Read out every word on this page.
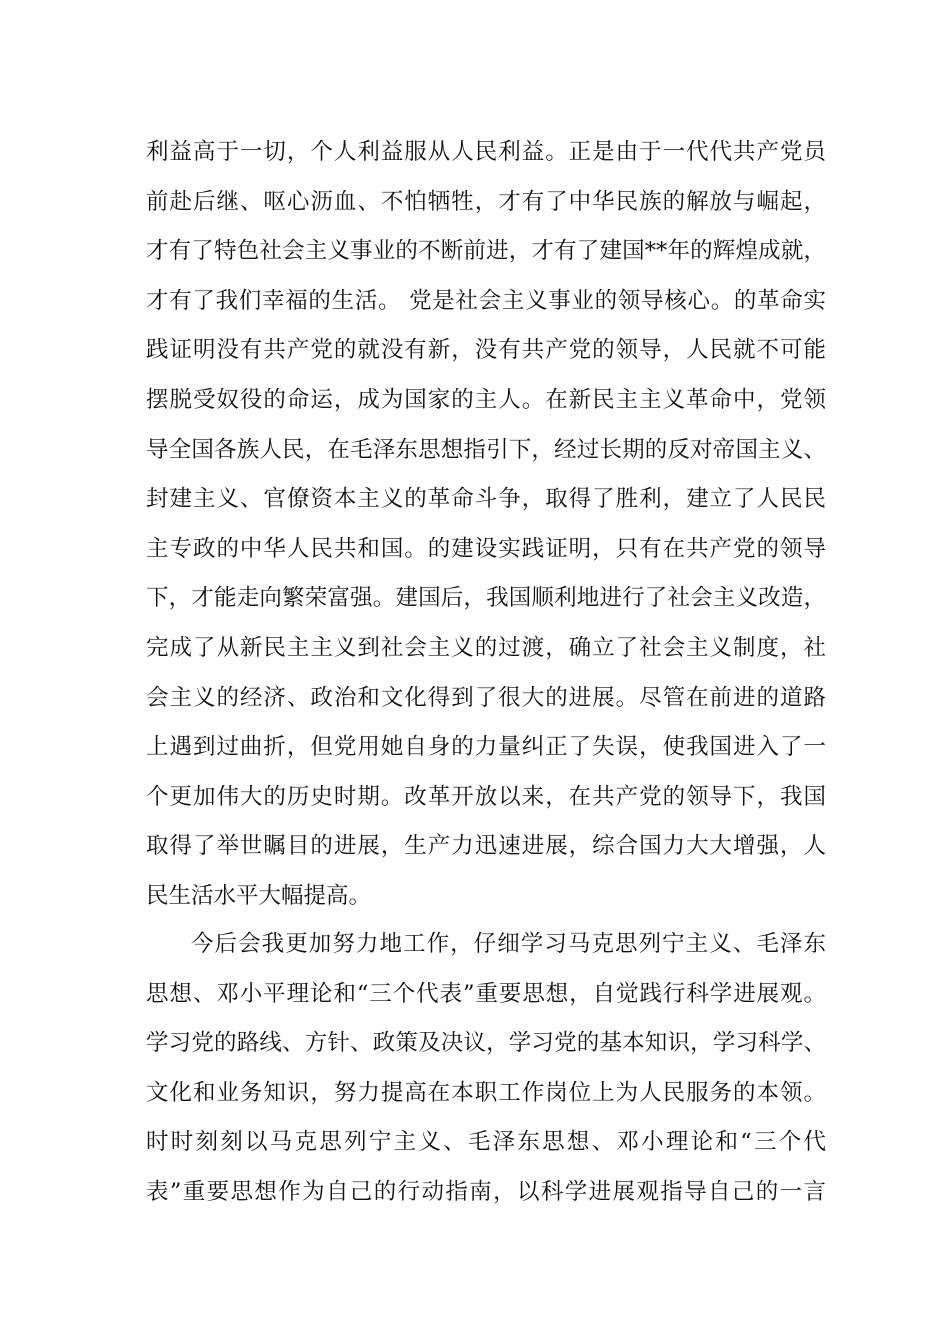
利益高于一切，个人利益服从人民利益。正是由于一代代共产党员
前赴后继、呕心沥血、不怕牺牲，才有了中华民族的解放与崛起，
才有了特色社会主义事业的不断前进，才有了建国**年的辉煌成就，
才有了我们幸福的生活。 党是社会主义事业的领导核心。的革命实
践证明没有共产党的就没有新，没有共产党的领导，人民就不可能
摆脱受奴役的命运，成为国家的主人。在新民主主义革命中，党领
导全国各族人民，在毛泽东思想指引下，经过长期的反对帝国主义、
封建主义、官僚资本主义的革命斗争，取得了胜利，建立了人民民
主专政的中华人民共和国。的建设实践证明，只有在共产党的领导
下，才能走向繁荣富强。建国后，我国顺利地进行了社会主义改造，
完成了从新民主主义到社会主义的过渡，确立了社会主义制度，社
会主义的经济、政治和文化得到了很大的进展。尽管在前进的道路
上遇到过曲折，但党用她自身的力量纠正了失误，使我国进入了一
个更加伟大的历史时期。改革开放以来，在共产党的领导下，我国
取得了举世瞩目的进展，生产力迅速进展，综合国力大大增强，人
民生活水平大幅提高。
今后会我更加努力地工作，仔细学习马克思列宁主义、毛泽东
思想、邓小平理论和“三个代表”重要思想，自觉践行科学进展观。
学习党的路线、方针、政策及决议，学习党的基本知识，学习科学、
文化和业务知识，努力提高在本职工作岗位上为人民服务的本领。
时时刻刻以马克思列宁主义、毛泽东思想、邓小理论和“三个代
表”重要思想作为自己的行动指南，以科学进展观指导自己的一言
